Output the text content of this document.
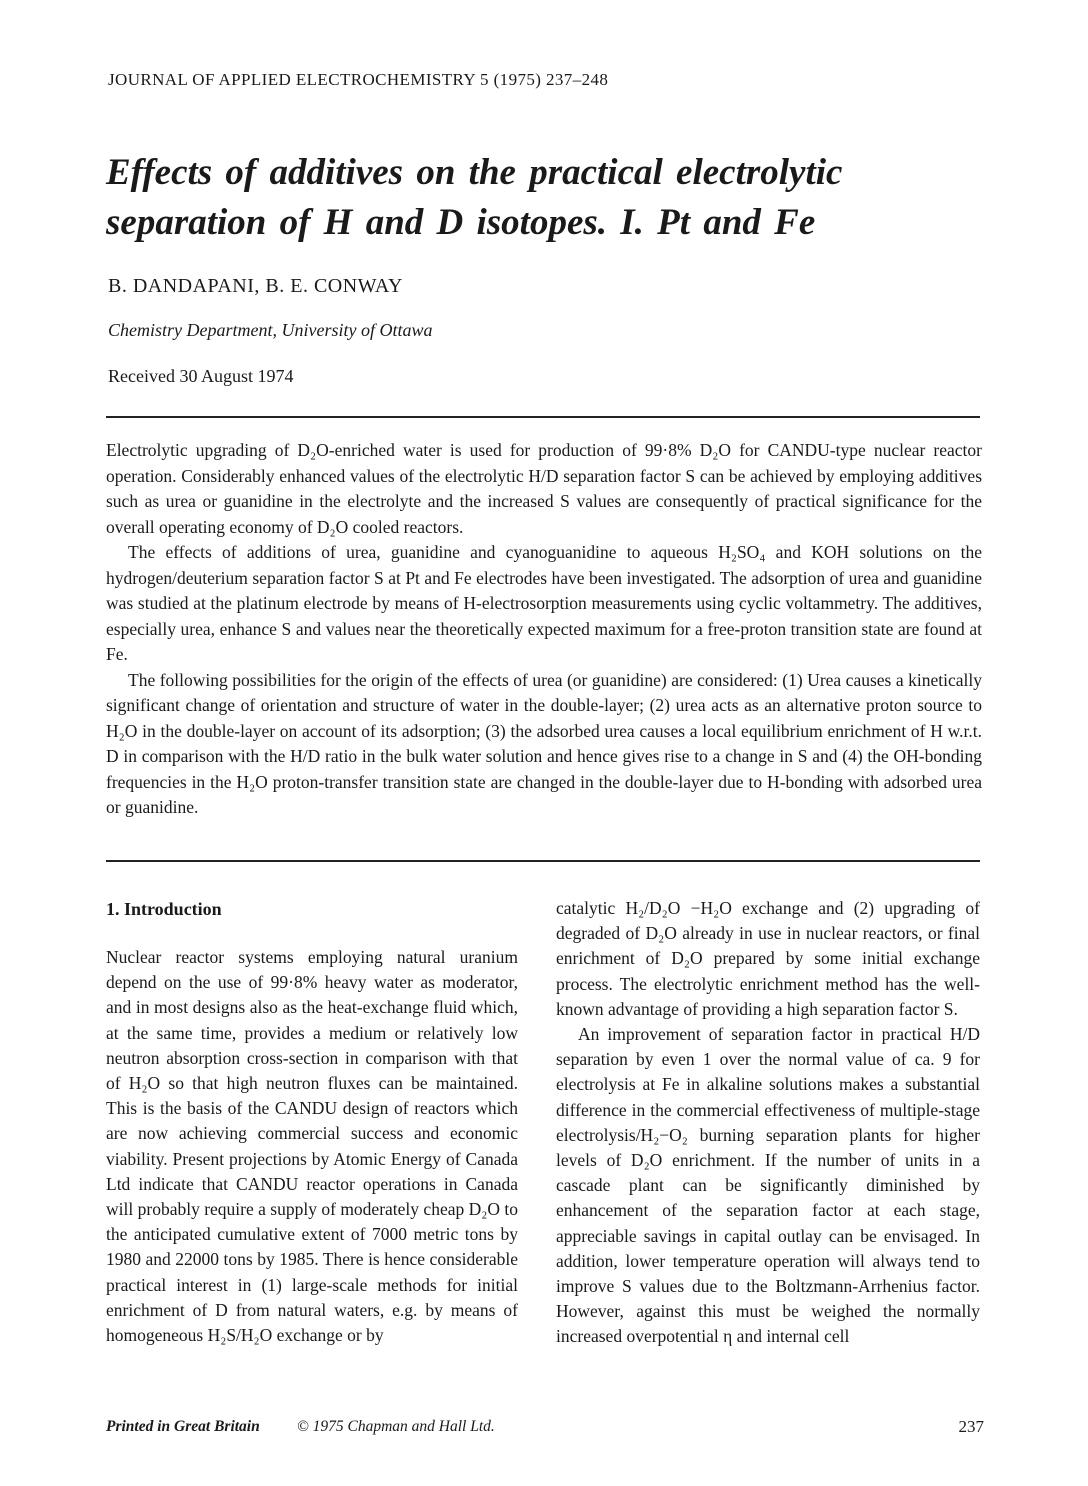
JOURNAL OF APPLIED ELECTROCHEMISTRY 5 (1975) 237–248
Effects of additives on the practical electrolytic
separation of H and D isotopes. I. Pt and Fe
B. DANDAPANI, B. E. CONWAY
Chemistry Department, University of Ottawa
Received 30 August 1974

Electrolytic upgrading of D₂O-enriched water is used for production of 99·8% D₂O for CANDU-type nuclear reactor operation. Considerably enhanced values of the electrolytic H/D separation factor S can be achieved by employing additives such as urea or guanidine in the electrolyte and the increased S values are consequently of practical significance for the overall operating economy of D₂O cooled reactors.

The effects of additions of urea, guanidine and cyanoguanidine to aqueous H₂SO₄ and KOH solutions on the hydrogen/deuterium separation factor S at Pt and Fe electrodes have been investigated. The adsorption of urea and guanidine was studied at the platinum electrode by means of H-electrosorption measurements using cyclic voltammetry. The additives, especially urea, enhance S and values near the theoretically expected maximum for a free-proton transition state are found at Fe.

The following possibilities for the origin of the effects of urea (or guanidine) are considered: (1) Urea causes a kinetically significant change of orientation and structure of water in the double-layer; (2) urea acts as an alternative proton source to H₂O in the double-layer on account of its adsorption; (3) the adsorbed urea causes a local equilibrium enrichment of H w.r.t. D in comparison with the H/D ratio in the bulk water solution and hence gives rise to a change in S and (4) the OH-bonding frequencies in the H₂O proton-transfer transition state are changed in the double-layer due to H-bonding with adsorbed urea or guanidine.

1. Introduction

Nuclear reactor systems employing natural uranium depend on the use of 99·8% heavy water as moderator, and in most designs also as the heat-exchange fluid which, at the same time, provides a medium or relatively low neutron absorption cross-section in comparison with that of H₂O so that high neutron fluxes can be maintained. This is the basis of the CANDU design of reactors which are now achieving commercial success and economic viability. Present projections by Atomic Energy of Canada Ltd indicate that CANDU reactor operations in Canada will probably require a supply of moderately cheap D₂O to the anticipated cumulative extent of 7000 metric tons by 1980 and 22000 tons by 1985. There is hence considerable practical interest in (1) large-scale methods for initial enrichment of D from natural waters, e.g. by means of homogeneous H₂S/H₂O exchange or by

catalytic H₂/D₂O −H₂O exchange and (2) upgrading of degraded of D₂O already in use in nuclear reactors, or final enrichment of D₂O prepared by some initial exchange process. The electrolytic enrichment method has the well-known advantage of providing a high separation factor S.

An improvement of separation factor in practical H/D separation by even 1 over the normal value of ca. 9 for electrolysis at Fe in alkaline solutions makes a substantial difference in the commercial effectiveness of multiple-stage electrolysis/H₂−O₂ burning separation plants for higher levels of D₂O enrichment. If the number of units in a cascade plant can be significantly diminished by enhancement of the separation factor at each stage, appreciable savings in capital outlay can be envisaged. In addition, lower temperature operation will always tend to improve S values due to the Boltzmann-Arrhenius factor. However, against this must be weighed the normally increased overpotential η and internal cell

Printed in Great Britain © 1975 Chapman and Hall Ltd.	237
